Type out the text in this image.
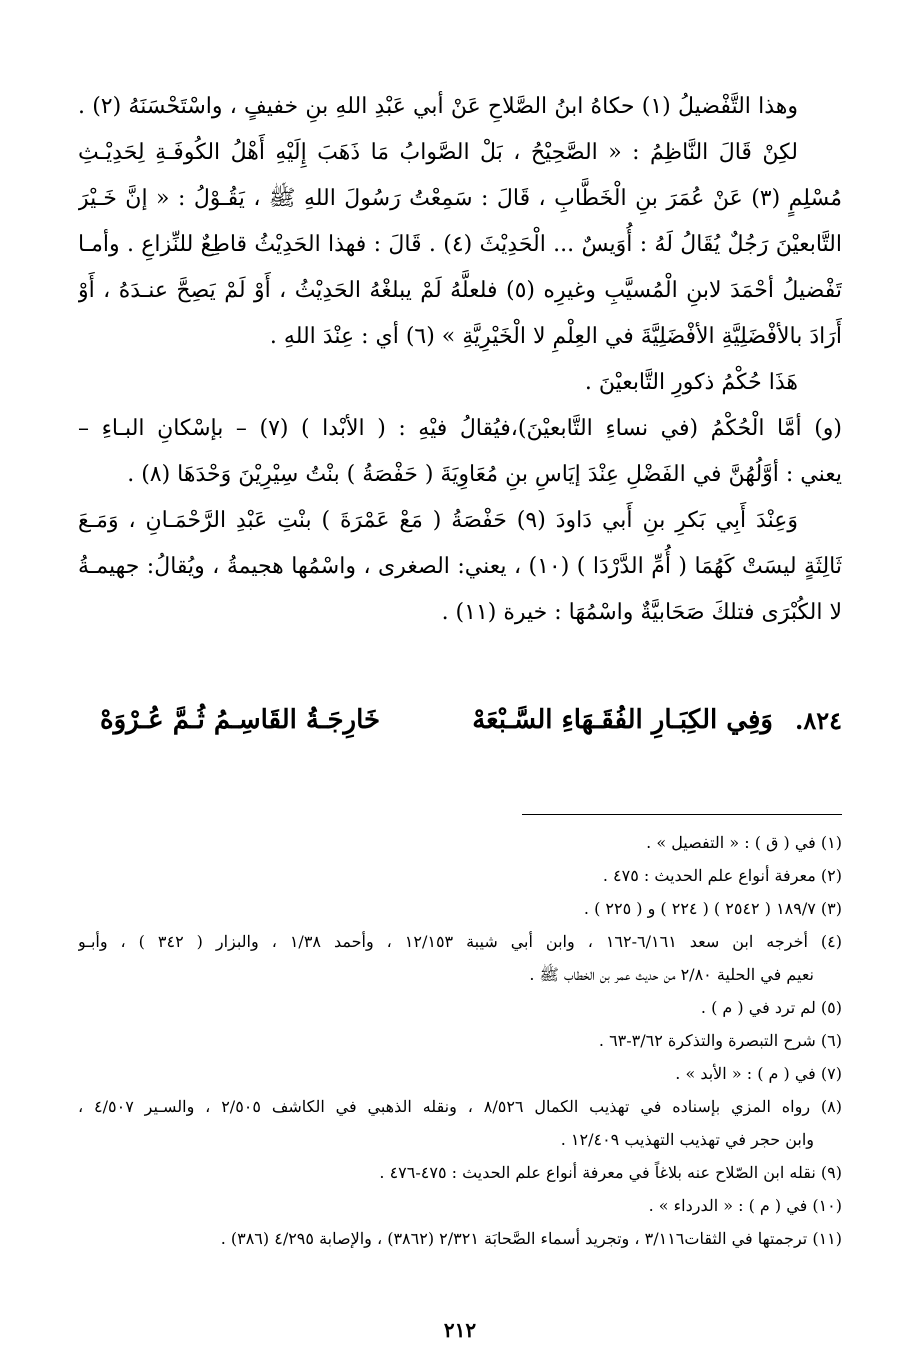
وهذا التَّفْضيلُ (١) حكاهُ ابنُ الصَّلاحِ عَنْ أبي عَبْدِ اللهِ بنِ خفيفٍ ، واسْتَحْسَنَهُ (٢) .
لكِنْ قَالَ النَّاظِمُ : « الصَّحِيْحُ ، بَلْ الصَّوابُ مَا ذَهَبَ إِلَيْهِ أَهْلُ الكُوفَـةِ لِحَدِيْـثِ
مُسْلِمٍ (٣) عَنْ عُمَرَ بنِ الْخَطَّابِ ، قَالَ : سَمِعْتُ رَسُولَ اللهِ ﷺ ، يَقُـوْلُ : « إنَّ خَـيْرَ
التَّابعيْنَ رَجُلٌ يُقَالُ لَهُ : أُوَيسٌ ... الْحَدِيْثَ (٤) . قَالَ : فهذا الحَدِيْثُ قاطِعٌ للنِّزاعِ . وأمـا
تَفْضيلُ أحْمَدَ لابنِ الْمُسيَّبِ وغيرِه (٥) فلعلَّهُ لَمْ يبلغْهُ الحَدِيْثُ ، أَوْ لَمْ يَصِحَّ عنـدَهُ ، أَوْ
أَرَادَ بالأفْضَلِيَّةِ الأفْضَلِيَّةَ في العِلْمِ لا الْخَيْرِيَّةِ » (٦) أي : عِنْدَ اللهِ .
هَذَا حُكْمُ ذكورِ التَّابعيْنَ .
(و) أمَّا الْحُكْمُ (في نساءِ التَّابعيْنَ)،فيُقالُ فيْهِ : ( الأبْدا ) (٧) – بإسْكانِ البـاءِ –
يعني : أوَّلُهُنَّ في الفَضْلِ عِنْدَ إيَاسِ بنِ مُعَاوِيَةَ ( حَفْصَةُ ) بنْتُ سِيْرِيْنَ وَحْدَهَا (٨) .
وَعِنْدَ أَبِي بَكرِ بنِ أَبي دَاودَ (٩) حَفْصَةُ ( مَعْ عَمْرَةَ ) بنْتِ عَبْدِ الرَّحْمَـانِ ، وَمَـعَ
ثَالِثَةٍ ليسَتْ كَهُمَا ( أُمِّ الدَّرْدَا ) (١٠) ، يعني: الصغرى ، واسْمُها هجيمةُ ، ويُقالُ: جهيمـةُ
لا الكُبْرَى فتلكَ صَحَابيَّةٌ واسْمُهَا : خيرة (١١) .
٨٢٤.
وَفِي الكِبَـارِ الفُقَـهَاءِ السَّـبْعَهْ
خَارِجَـةُ القَاسِـمُ ثُـمَّ عُـرْوَهْ
(١) في ( ق ) : « التفصيل » .
(٢) معرفة أنواع علم الحديث : ٤٧٥ .
(٣) ١٨٩/٧ ( ٢٥٤٢ ) ( ٢٢٤ ) و ( ٢٢٥ ) .
(٤) أخرجه ابن سعد ٦/١٦١-١٦٢ ، وابن أبي شيبة ١٢/١٥٣ ، وأحمد ١/٣٨ ، والبزار ( ٣٤٢ ) ، وأبـو
نعيم في الحلية ٢/٨٠ من حديث عمر بن الخطاب ﷺ .
(٥) لم ترد في ( م ) .
(٦) شرح التبصرة والتذكرة ٣/٦٢-٦٣ .
(٧) في ( م ) : « الأبد » .
(٨) رواه المزي بإسناده في تهذيب الكمال ٨/٥٢٦ ، ونقله الذهبي في الكاشف ٢/٥٠٥ ، والسـير ٤/٥٠٧ ،
وابن حجر في تهذيب التهذيب ١٢/٤٠٩ .
(٩) نقله ابن الصّلاح عنه بلاغاً في معرفة أنواع علم الحديث : ٤٧٥-٤٧٦ .
(١٠) في ( م ) : « الدرداء » .
(١١) ترجمتها في الثقات٣/١١٦ ، وتجريد أسماء الصَّحابَة ٢/٣٢١ (٣٨٦٢) ، والإصابة ٤/٢٩٥ (٣٨٦) .
٢١٢
